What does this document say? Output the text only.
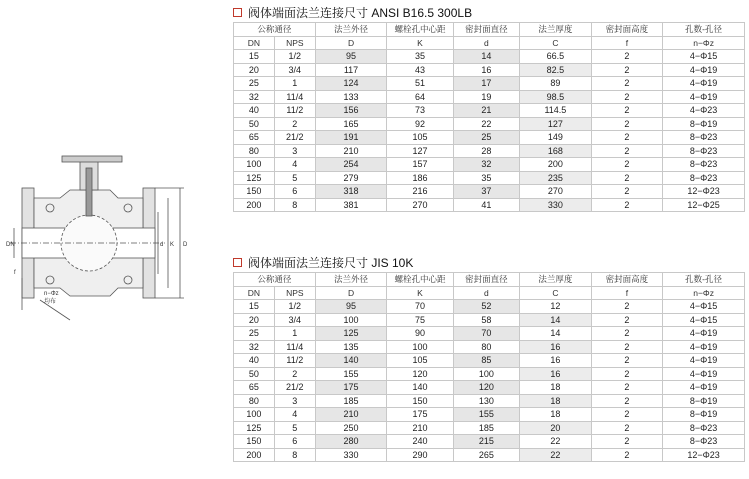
DN
f
d K D
n−Φz
均布
阀体端面法兰连接尺寸 ANSI B16.5 300LB
公称通径		法兰外径	螺栓孔中心距	密封面直径	法兰厚度	密封面高度	孔数-孔径
DN	NPS	D	K	d	C	f	n−Φz
15	1/2	95	35	14	66.5	2	4−Φ15
20	3/4	117	43	16	82.5	2	4−Φ19
25	1	124	51	17	89	2	4−Φ19
32	11/4	133	64	19	98.5	2	4−Φ19
40	11/2	156	73	21	114.5	2	4−Φ23
50	2	165	92	22	127	2	8−Φ19
65	21/2	191	105	25	149	2	8−Φ23
80	3	210	127	28	168	2	8−Φ23
100	4	254	157	32	200	2	8−Φ23
125	5	279	186	35	235	2	8−Φ23
150	6	318	216	37	270	2	12−Φ23
200	8	381	270	41	330	2	12−Φ25
阀体端面法兰连接尺寸 JIS 10K
公称通径		法兰外径	螺栓孔中心距	密封面直径	法兰厚度	密封面高度	孔数-孔径
DN	NPS	D	K	d	C	f	n−Φz
15	1/2	95	70	52	12	2	4−Φ15
20	3/4	100	75	58	14	2	4−Φ15
25	1	125	90	70	14	2	4−Φ19
32	11/4	135	100	80	16	2	4−Φ19
40	11/2	140	105	85	16	2	4−Φ19
50	2	155	120	100	16	2	4−Φ19
65	21/2	175	140	120	18	2	4−Φ19
80	3	185	150	130	18	2	8−Φ19
100	4	210	175	155	18	2	8−Φ19
125	5	250	210	185	20	2	8−Φ23
150	6	280	240	215	22	2	8−Φ23
200	8	330	290	265	22	2	12−Φ23
